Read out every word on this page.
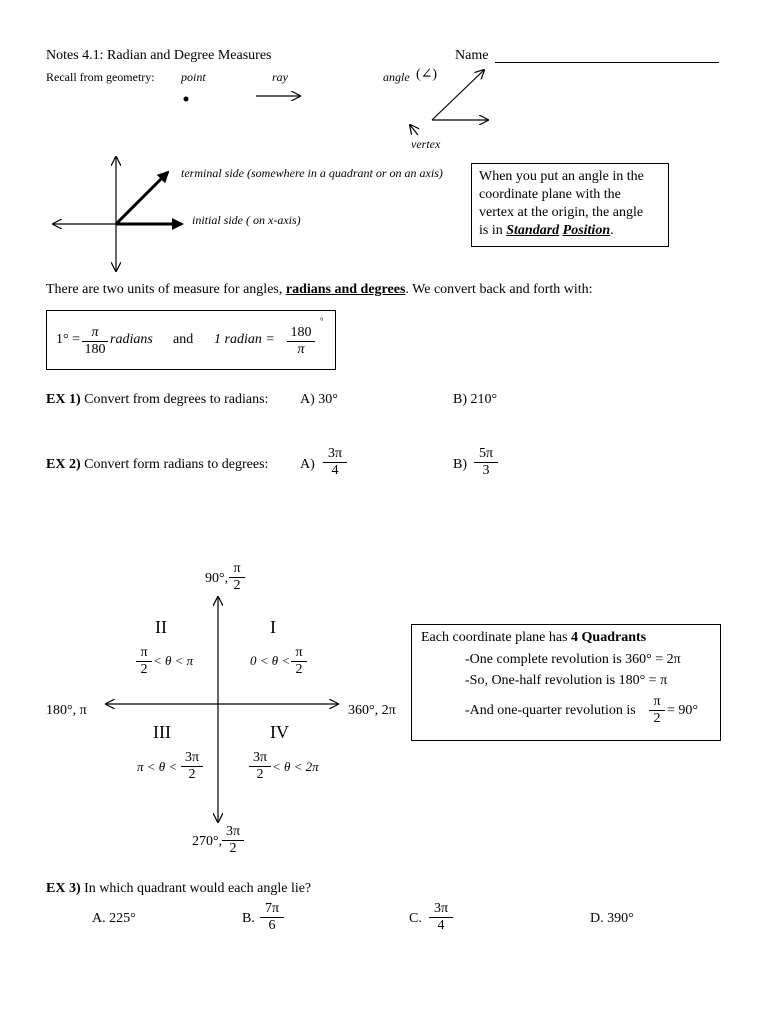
Notes 4.1: Radian and Degree Measures	Name
Recall from geometry: point	ray	angle (∠)
vertex
terminal side (somewhere in a quadrant or on an axis)
initial side ( on x-axis)
When you put an angle in the
coordinate plane with the
vertex at the origin, the angle
is in Standard Position.
There are two units of measure for angles, radians and degrees. We convert back and forth with:
$1^\circ = \frac{\pi}{180}$ radians and 1 radian = $\frac{180}{\pi}$
°
EX 1) Convert from degrees to radians: A) 30°	B) 210°
EX 2) Convert form radians to degrees: $A) \frac{3\pi}{4}$	$B) \frac{5\pi}{3}$
90°, $\frac{\pi}{2}$
180°, π	360°, 2π
270°, $\frac{3\pi}{2}$
II	I
III	IV
$\frac{\pi}{2} < \theta < \pi$	$0 < \theta < \frac{\pi}{2}$
$\pi < \theta < \frac{3\pi}{2}$	$\frac{3\pi}{2} < \theta < 2\pi$
Each coordinate plane has 4 Quadrants
-One complete revolution is 360° = 2π
-So, One-half revolution is 180° = π
-And one-quarter revolution is $\frac{\pi}{2} = 90^\circ$
EX 3) In which quadrant would each angle lie?
A. 225°	B. $\frac{7\pi}{6}$	C. $\frac{3\pi}{4}$	D. 390°
